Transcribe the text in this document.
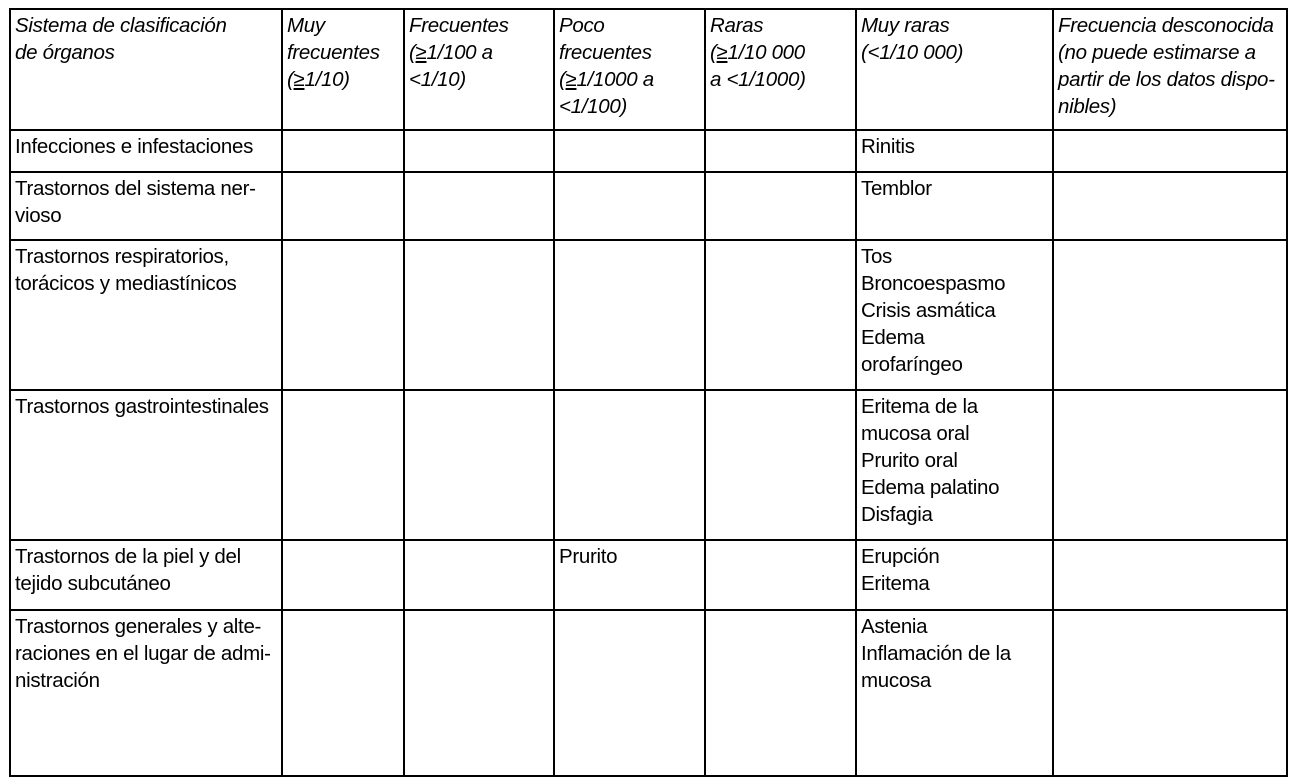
Sistema de clasificación
de órganos	Muy
frecuentes
(≥1/10)	Frecuentes
(≥1/100 a
<1/10)	Poco
frecuentes
(≥1/1000 a
<1/100)	Raras
(≥1/10 000
a <1/1000)	Muy raras
(<1/10 000)	Frecuencia desconocida
(no puede estimarse a
partir de los datos dispo-
nibles)

Infecciones e infestaciones					Rinitis	

Trastornos del sistema ner-
vioso					Temblor	

Trastornos respiratorios,
torácicos y mediastínicos					Tos
Broncoespasmo
Crisis asmática
Edema
orofaríngeo	

Trastornos gastrointestinales					Eritema de la
mucosa oral
Prurito oral
Edema palatino
Disfagia	

Trastornos de la piel y del
tejido subcutáneo			Prurito		Erupción
Eritema	

Trastornos generales y alte-
raciones en el lugar de admi-
nistración					Astenia
Inflamación de la
mucosa	
